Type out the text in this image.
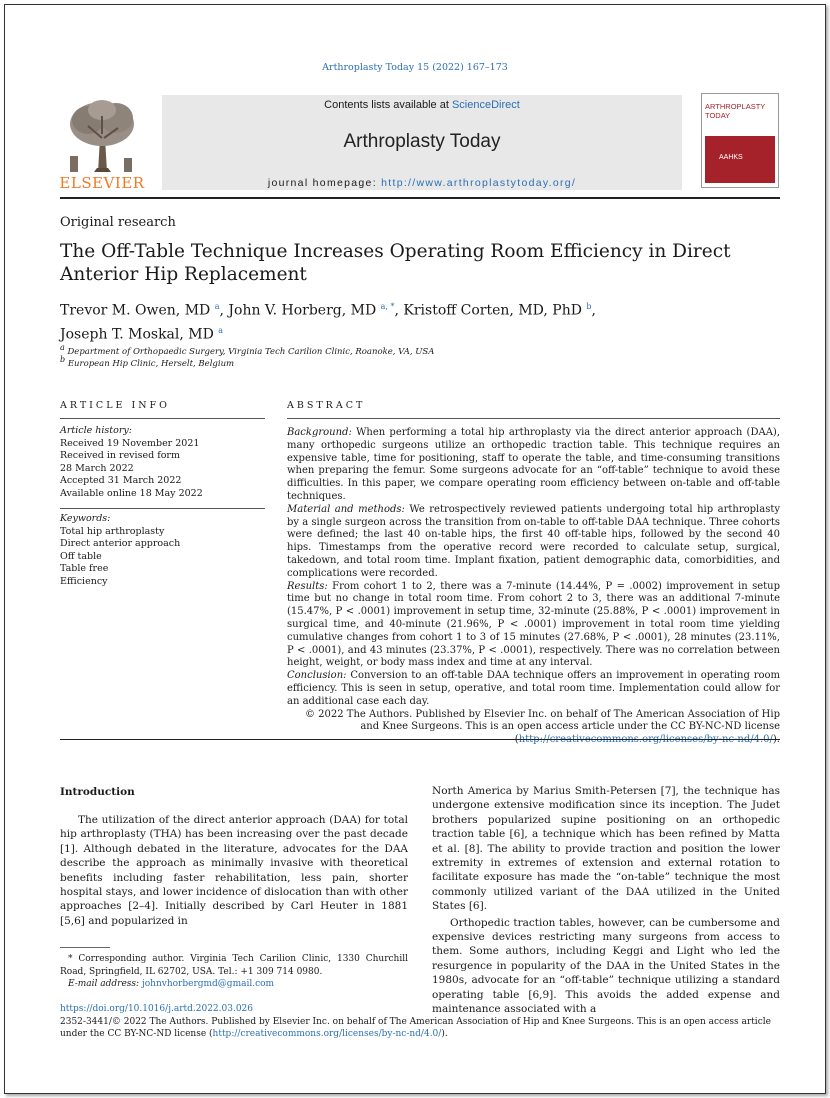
Arthroplasty Today 15 (2022) 167–173
ELSEVIER
Contents lists available at ScienceDirect
Arthroplasty Today
journal homepage: http://www.arthroplastytoday.org/
ARTHROPLASTY TODAY
AAHKS
Original research
The Off-Table Technique Increases Operating Room Efficiency in Direct Anterior Hip Replacement
Trevor M. Owen, MD $^a$, John V. Horberg, MD $^{a, *}$, Kristoff Corten, MD, PhD $^b$,
Joseph T. Moskal, MD $^a$
$^a$ Department of Orthopaedic Surgery, Virginia Tech Carilion Clinic, Roanoke, VA, USA
$^b$ European Hip Clinic, Herselt, Belgium
ARTICLE INFO
Article history:
Received 19 November 2021
Received in revised form
28 March 2022
Accepted 31 March 2022
Available online 18 May 2022
Keywords:
Total hip arthroplasty
Direct anterior approach
Off table
Table free
Efficiency
ABSTRACT

Background: When performing a total hip arthroplasty via the direct anterior approach (DAA), many orthopedic surgeons utilize an orthopedic traction table. This technique requires an expensive table, time for positioning, staff to operate the table, and time-consuming transitions when preparing the femur. Some surgeons advocate for an “off-table” technique to avoid these difficulties. In this paper, we compare operating room efficiency between on-table and off-table techniques.

Material and methods: We retrospectively reviewed patients undergoing total hip arthroplasty by a single surgeon across the transition from on-table to off-table DAA technique. Three cohorts were defined; the last 40 on-table hips, the first 40 off-table hips, followed by the second 40 hips. Timestamps from the operative record were recorded to calculate setup, surgical, takedown, and total room time. Implant fixation, patient demographic data, comorbidities, and complications were recorded.

Results: From cohort 1 to 2, there was a 7-minute (14.44%, P = .0002) improvement in setup time but no change in total room time. From cohort 2 to 3, there was an additional 7-minute (15.47%, P < .0001) improvement in setup time, 32-minute (25.88%, P < .0001) improvement in surgical time, and 40-minute (21.96%, P < .0001) improvement in total room time yielding cumulative changes from cohort 1 to 3 of 15 minutes (27.68%, P < .0001), 28 minutes (23.11%, P < .0001), and 43 minutes (23.37%, P < .0001), respectively. There was no correlation between height, weight, or body mass index and time at any interval.

Conclusion: Conversion to an off-table DAA technique offers an improvement in operating room efficiency. This is seen in setup, operative, and total room time. Implementation could allow for an additional case each day.

© 2022 The Authors. Published by Elsevier Inc. on behalf of The American Association of Hip and Knee Surgeons. This is an open access article under the CC BY-NC-ND license (http://creativecommons.org/licenses/by-nc-nd/4.0/).

Introduction

The utilization of the direct anterior approach (DAA) for total hip arthroplasty (THA) has been increasing over the past decade [1]. Although debated in the literature, advocates for the DAA describe the approach as minimally invasive with theoretical benefits including faster rehabilitation, less pain, shorter hospital stays, and lower incidence of dislocation than with other approaches [2–4]. Initially described by Carl Heuter in 1881 [5,6] and popularized in

North America by Marius Smith-Petersen [7], the technique has undergone extensive modification since its inception. The Judet brothers popularized supine positioning on an orthopedic traction table [6], a technique which has been refined by Matta et al. [8]. The ability to provide traction and position the lower extremity in extremes of extension and external rotation to facilitate exposure has made the “on-table” technique the most commonly utilized variant of the DAA utilized in the United States [6].

Orthopedic traction tables, however, can be cumbersome and expensive devices restricting many surgeons from access to them. Some authors, including Keggi and Light who led the resurgence in popularity of the DAA in the United States in the 1980s, advocate for an “off-table” technique utilizing a standard operating table [6,9]. This avoids the added expense and maintenance associated with a

* Corresponding author. Virginia Tech Carilion Clinic, 1330 Churchill Road, Springfield, IL 62702, USA. Tel.: +1 309 714 0980.
E-mail address: johnvhorbergmd@gmail.com
https://doi.org/10.1016/j.artd.2022.03.026
2352-3441/© 2022 The Authors. Published by Elsevier Inc. on behalf of The American Association of Hip and Knee Surgeons. This is an open access article under the CC BY-NC-ND license (http://creativecommons.org/licenses/by-nc-nd/4.0/).
